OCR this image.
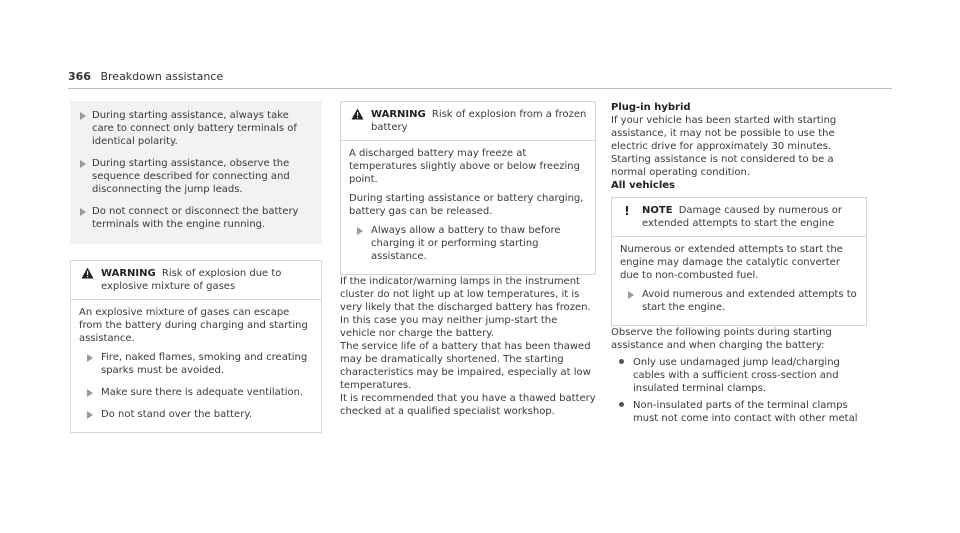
366 Breakdown assistance
During starting assistance, always take care to connect only battery terminals of identical polarity.
During starting assistance, observe the sequence described for connecting and disconnecting the jump leads.
Do not connect or disconnect the battery terminals with the engine running.
WARNING Risk of explosion due to explosive mixture of gases

An explosive mixture of gases can escape from the battery during charging and starting assistance.

Fire, naked flames, smoking and creating sparks must be avoided.
Make sure there is adequate ventilation.
Do not stand over the battery.
WARNING Risk of explosion from a frozen battery

A discharged battery may freeze at temperatures slightly above or below freezing point.

During starting assistance or battery charging, battery gas can be released.

Always allow a battery to thaw before charging it or performing starting assistance.

If the indicator/warning lamps in the instrument cluster do not light up at low temperatures, it is very likely that the discharged battery has frozen. In this case you may neither jump-start the vehicle nor charge the battery.

The service life of a battery that has been thawed may be dramatically shortened. The starting characteristics may be impaired, especially at low temperatures.

It is recommended that you have a thawed battery checked at a qualified specialist workshop.

Plug-in hybrid

If your vehicle has been started with starting assistance, it may not be possible to use the electric drive for approximately 30 minutes.

Starting assistance is not considered to be a normal operating condition.

All vehicles

! NOTE Damage caused by numerous or extended attempts to start the engine

Numerous or extended attempts to start the engine may damage the catalytic converter due to non-combusted fuel.

Avoid numerous and extended attempts to start the engine.

Observe the following points during starting assistance and when charging the battery:

Only use undamaged jump lead/charging cables with a sufficient cross-section and insulated terminal clamps.
Non-insulated parts of the terminal clamps must not come into contact with other metal
